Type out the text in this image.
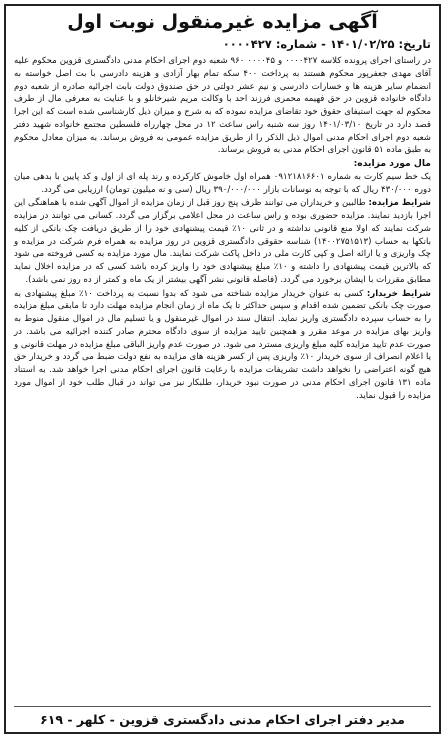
آگهی مزایده غیرمنقول نوبت اول
تاریخ: ۱۴۰۱/۰۲/۲۵ - شماره: ۰۰۰۰۴۲۷

در راستای اجرای پرونده کلاسه ۰۰۰۰۴۲۷ و ۰۰۰۰۴۵ ۹۶۰ شعبه دوم اجرای احکام مدنی دادگستری قزوین محکوم علیه آقای مهدی جعفرپور محکوم هستند به پرداخت ۴۰۰ سکه تمام بهار آزادی و هزینه دادرسی با بت اصل خواسته به انضمام سایر هزینه ها و خسارات دادرسی و نیم عشر دولتی در حق صندوق دولت بابت اجرائیه صادره از شعبه دوم دادگاه خانواده قزوین در حق فهیمه محمری فرزند احد با وکالت مریم شیرخانلو و با عنایت به معرفی مال از طرف محکوم له جهت استیفای حقوق خود تقاضای مزایده نموده که به شرح و میزان ذیل کارشناسی شده است که این اجرا قصد دارد در تاریخ ۱۴۰۱/۰۳/۱۰ روز سه شنبه راس ساعت ۱۲ در محل چهارراه فلسطین مجتمع خانواده شهید دفتر شعبه دوم اجرای احکام مدنی اموال ذیل الذکر را از طریق مزایده عمومی به فروش برساند. به میزان معادل محکوم به طبق ماده ۵۱ قانون اجرای احکام مدنی به فروش برساند.

مال مورد مزایده:
یک خط سیم کارت به شماره ۰۹۱۲۱۸۱۶۶۰۱ همراه اول خاموش کارکرده و رند پله ای از اول و کد پایین با بدهی میان دوره ۴۳۰/۰۰۰ ریال که با توجه به نوسانات بازار ۳۹۰/۰۰۰/۰۰۰ ریال (سی و نه میلیون تومان) ارزیابی می گردد.

شرایط مزایده: طالبین و خریداران می توانند ظرف پنج روز قبل از زمان مزایده از اموال آگهی شده با هماهنگی این اجرا بازدید نمایند. مزایده حضوری بوده و راس ساعت در محل اعلامی برگزار می گردد. کسانی می توانند در مزایده شرکت نمایند که اولا منع قانونی نداشته و در ثانی ۱۰٪ قیمت پیشنهادی خود را از طریق دریافت چک بانکی از کلیه بانکها به حساب (۱۴۰۰۲۷۵۱۵۱۳) شناسه حقوقی دادگستری قزوین در روز مزایده به همراه فرم شرکت در مزایده و چک واریزی و یا ارائه اصل و کپی کارت ملی در داخل پاکت شرکت نمایند. مال مورد مزایده به کسی فروخته می شود که بالاترین قیمت پیشنهادی را داشته و ۱۰٪ مبلغ پیشنهادی خود را واریز کرده باشد کسی که در مزایده اخلال نماید مطابق مقررات با ایشان برخورد می گردد. (فاصله قانونی نشر آگهی بیشتر از یک ماه و کمتر از ده روز نمی باشد).

شرایط خریدار: کسی به عنوان خریدار مزایده شناخته می شود که بدوا نسبت به پرداخت ۱۰٪ مبلغ پیشنهادی به صورت چک بانکی تضمین شده اقدام و سپس حداکثر تا یک ماه از زمان انجام مزایده مهلت دارد تا مابقی مبلغ مزایده را به حساب سپرده دادگستری واریز نماید. انتقال سند در اموال غیرمنقول و یا تسلیم مال در اموال منقول منوط به واریز بهای مزایده در موعد مقرر و همچنین تایید مزایده از سوی دادگاه محترم صادر کننده اجرائیه می باشد. در صورت عدم تایید مزایده کلیه مبلغ واریزی مسترد می شود. در صورت عدم واریز الباقی مبلغ مزایده در مهلت قانونی و یا اعلام انصراف از سوی خریدار ۱۰٪ واریزی پس از کسر هزینه های مزایده به نفع دولت ضبط می گردد و خریدار حق هیچ گونه اعتراضی را نخواهد داشت تشریفات مزایده با رعایت قانون اجرای احکام مدنی اجرا خواهد شد. به استناد ماده ۱۳۱ قانون اجرای احکام مدنی در صورت نبود خریدار، طلبکار نیز می تواند در قبال طلب خود از اموال مورد مزایده را قبول نماید.

مدیر دفتر اجرای احکام مدنی دادگستری قزوین - کلهر - ۶۱۹
